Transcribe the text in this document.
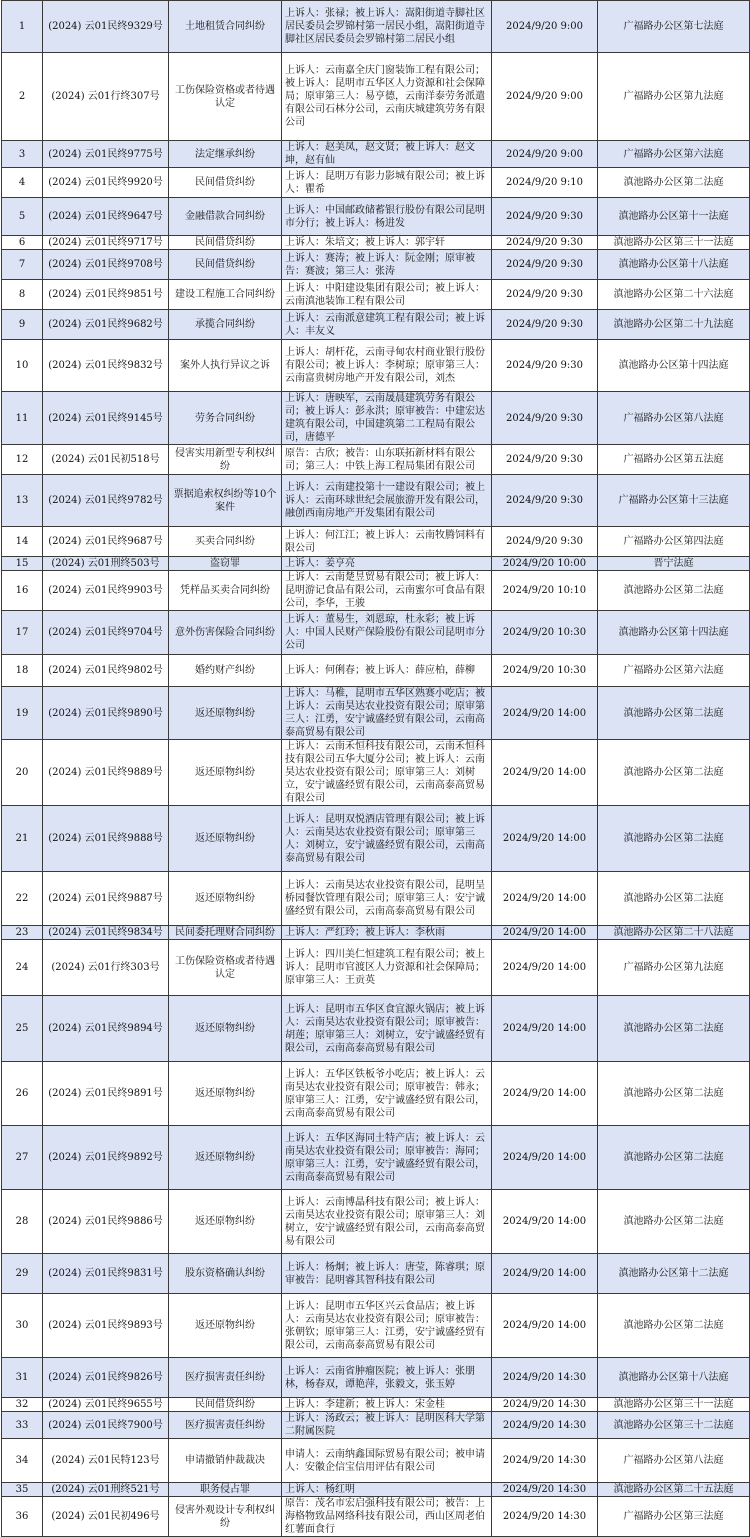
1	(2024) 云01民终9329号	土地租赁合同纠纷	上诉人：张禄；被上诉人：嵩阳街道寺脚社区居民委员会罗锦村第一居民小组，嵩阳街道寺脚社区居民委员会罗锦村第二居民小组	2024/9/20 9:00	广福路办公区第七法庭
2	(2024) 云01行终307号	工伤保险资格或者待遇认定	上诉人：云南嘉全庆门窗装饰工程有限公司；被上诉人：昆明市五华区人力资源和社会保障局；原审第三人：易亨德，云南洋泰劳务派遣有限公司石林分公司，云南庆城建筑劳务有限公司	2024/9/20 9:00	广福路办公区第九法庭
3	(2024) 云01民终9775号	法定继承纠纷	上诉人：赵美凤，赵文贤；被上诉人：赵文坤，赵有仙	2024/9/20 9:00	广福路办公区第六法庭
4	(2024) 云01民终9920号	民间借贷纠纷	上诉人：昆明万有影力影城有限公司；被上诉人：瞿希	2024/9/20 9:10	滇池路办公区第二法庭
5	(2024) 云01民终9647号	金融借款合同纠纷	上诉人：中国邮政储蓄银行股份有限公司昆明市分行；被上诉人：杨进发	2024/9/20 9:30	滇池路办公区第十一法庭
6	(2024) 云01民终9717号	民间借贷纠纷	上诉人：朱培文；被上诉人：郭宇轩	2024/9/20 9:30	滇池路办公区第三十一法庭
7	(2024) 云01民终9708号	民间借贷纠纷	上诉人：赛涛；被上诉人：阮金刚；原审被告：赛波；第三人：张涛	2024/9/20 9:30	滇池路办公区第十八法庭
8	(2024) 云01民终9851号	建设工程施工合同纠纷	上诉人：中阳建设集团有限公司；被上诉人：云南滇池装饰工程有限公司	2024/9/20 9:30	滇池路办公区第二十六法庭
9	(2024) 云01民终9682号	承揽合同纠纷	上诉人：云南派意建筑工程有限公司；被上诉人：丰友义	2024/9/20 9:30	滇池路办公区第二十九法庭
10	(2024) 云01民终9832号	案外人执行异议之诉	上诉人：胡杆花，云南寻甸农村商业银行股份有限公司；被上诉人：李树琼；原审第三人：云南富贵树房地产开发有限公司，刘杰	2024/9/20 9:30	滇池路办公区第十四法庭
11	(2024) 云01民终9145号	劳务合同纠纷	上诉人：唐映军，云南晟晨建筑劳务有限公司；被上诉人：彭永洪；原审被告：中建宏达建筑有限公司，中国建筑第二工程局有限公司，唐德平	2024/9/20 9:30	广福路办公区第八法庭
12	(2024) 云01民初518号	侵害实用新型专利权纠纷	原告：古欣；被告：山东联拓新材料有限公司；第三人：中铁上海工程局集团有限公司	2024/9/20 9:30	广福路办公区第五法庭
13	(2024) 云01民终9782号	票据追索权纠纷等10个案件	上诉人：云南建投第十一建设有限公司；被上诉人：云南环球世纪会展旅游开发有限公司，融创西南房地产开发集团有限公司	2024/9/20 9:30	广福路办公区第十三法庭
14	(2024) 云01民终9687号	买卖合同纠纷	上诉人：何江江；被上诉人：云南牧腾饲料有限公司	2024/9/20 9:30	广福路办公区第四法庭
15	(2024) 云01刑终503号	盗窃罪	上诉人：姜亨亮	2024/9/20 10:00	晋宁法庭
16	(2024) 云01民终9903号	凭样品买卖合同纠纷	上诉人：云南楚昱贸易有限公司；被上诉人：昆明游记食品有限公司，云南蜜尔可食品有限公司，李华，王骏	2024/9/20 10:10	滇池路办公区第二法庭
17	(2024) 云01民终9704号	意外伤害保险合同纠纷	上诉人：董易生，刘恩琼，杜永彩；被上诉人：中国人民财产保险股份有限公司昆明市分公司	2024/9/20 10:30	滇池路办公区第十四法庭
18	(2024) 云01民终9802号	婚约财产纠纷	上诉人：何俐春；被上诉人：薛应柏，薛柳	2024/9/20 10:30	广福路办公区第六法庭
19	(2024) 云01民终9890号	返还原物纠纷	上诉人：马稚，昆明市五华区熟赛小吃店；被上诉人：云南昊达农业投资有限公司；原审第三人：江勇，安宁诚盛经贸有限公司，云南高泰高贸易有限公司	2024/9/20 14:00	滇池路办公区第二法庭
20	(2024) 云01民终9889号	返还原物纠纷	上诉人：云南禾恒科技有限公司，云南禾恒科技有限公司五华大厦分公司；被上诉人：云南昊达农业投资有限公司；原审第三人：刘树立，安宁诚盛经贸有限公司，云南高泰高贸易有限公司	2024/9/20 14:00	滇池路办公区第二法庭
21	(2024) 云01民终9888号	返还原物纠纷	上诉人：昆明双悦酒店管理有限公司；被上诉人：云南昊达农业投资有限公司；原审第三人：刘树立，安宁诚盛经贸有限公司，云南高泰高贸易有限公司	2024/9/20 14:00	滇池路办公区第二法庭
22	(2024) 云01民终9887号	返还原物纠纷	上诉人：云南昊达农业投资有限公司，昆明呈桥园餐饮管理有限公司；原审第三人：安宁诚盛经贸有限公司，云南高泰高贸易有限公司	2024/9/20 14:00	滇池路办公区第二法庭
23	(2024) 云01民终9834号	民间委托理财合同纠纷	上诉人：严红玲；被上诉人：李秋雨	2024/9/20 14:00	滇池路办公区第二十八法庭
24	(2024) 云01行终303号	工伤保险资格或者待遇认定	上诉人：四川美仁恒建筑工程有限公司；被上诉人：昆明市官渡区人力资源和社会保障局；原审第三人：王贡英	2024/9/20 14:00	广福路办公区第九法庭
25	(2024) 云01民终9894号	返还原物纠纷	上诉人：昆明市五华区食宜源火锅店；被上诉人：云南昊达农业投资有限公司；原审被告：胡莲；原审第三人：刘树立，安宁诚盛经贸有限公司，云南高泰高贸易有限公司	2024/9/20 14:00	滇池路办公区第二法庭
26	(2024) 云01民终9891号	返还原物纠纷	上诉人：五华区铁板爷小吃店；被上诉人：云南昊达农业投资有限公司；原审被告：韩永；原审第三人：江勇，安宁诚盛经贸有限公司，云南高泰高贸易有限公司	2024/9/20 14:00	滇池路办公区第二法庭
27	(2024) 云01民终9892号	返还原物纠纷	上诉人：五华区海同土特产店；被上诉人：云南昊达农业投资有限公司；原审被告：海同；原审第三人：江勇，安宁诚盛经贸有限公司，云南高泰高贸易有限公司	2024/9/20 14:00	滇池路办公区第二法庭
28	(2024) 云01民终9886号	返还原物纠纷	上诉人：云南博晶科技有限公司；被上诉人：云南昊达农业投资有限公司；原审第三人：刘树立，安宁诚盛经贸有限公司，云南高泰高贸易有限公司	2024/9/20 14:00	滇池路办公区第二法庭
29	(2024) 云01民终9831号	股东资格确认纠纷	上诉人：杨炯；被上诉人：唐莹，陈睿琪；原审被告：昆明睿其智科技有限公司	2024/9/20 14:00	滇池路办公区第十二法庭
30	(2024) 云01民终9893号	返还原物纠纷	上诉人：昆明市五华区兴云食品店；被上诉人：云南昊达农业投资有限公司；原审被告：张朝钦；原审第三人：江勇，安宁诚盛经贸有限公司，云南高泰高贸易有限公司	2024/9/20 14:00	滇池路办公区第二法庭
31	(2024) 云01民终9826号	医疗损害责任纠纷	上诉人：云南省肿瘤医院；被上诉人：张朋林，杨春双，谭艳萍，张毅文，张玉婷	2024/9/20 14:30	滇池路办公区第十八法庭
32	(2024) 云01民终9655号	民间借贷纠纷	上诉人：李建新；被上诉人：宋金桂	2024/9/20 14:30	滇池路办公区第三十一法庭
33	(2024) 云01民终7900号	医疗损害责任纠纷	上诉人：汤政云；被上诉人：昆明医科大学第二附属医院	2024/9/20 14:30	滇池路办公区第三十二法庭
34	(2024) 云01民特123号	申请撤销仲裁裁决	申请人：云南纳鑫国际贸易有限公司；被申请人：安徽企信宝信用评估有限公司	2024/9/20 14:30	广福路办公区第八法庭
35	(2024) 云01刑终521号	职务侵占罪	上诉人：杨红明	2024/9/20 14:30	滇池路办公区第二十五法庭
36	(2024) 云01民初496号	侵害外观设计专利权纠纷	原告：茂名市宏启强科技有限公司；被告：上海格物致品网络科技有限公司，西山区周老伯红薯面食行	2024/9/20 14:30	广福路办公区第三法庭
